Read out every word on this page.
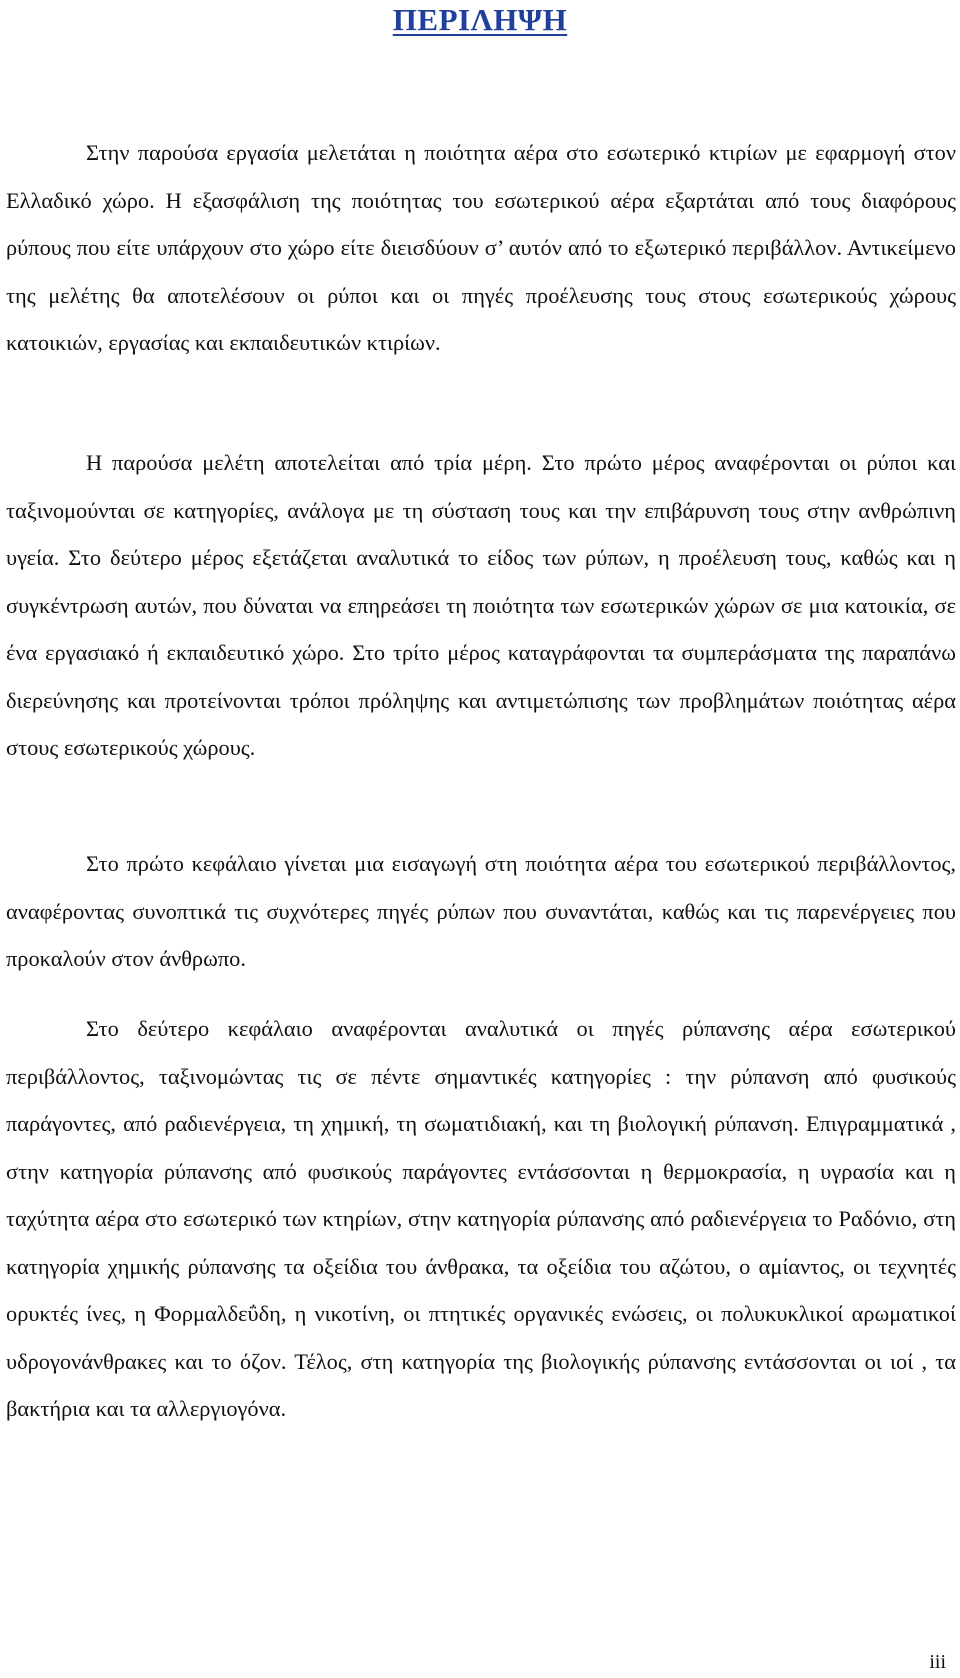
ΠΕΡΙΛΗΨΗ

Στην παρούσα εργασία μελετάται η ποιότητα αέρα στο εσωτερικό κτιρίων με εφαρμογή στον Ελλαδικό χώρο. Η εξασφάλιση της ποιότητας του εσωτερικού αέρα εξαρτάται από τους διαφόρους ρύπους που είτε υπάρχουν στο χώρο είτε διεισδύουν σ’ αυτόν από το εξωτερικό περιβάλλον. Αντικείμενο της μελέτης θα αποτελέσουν οι ρύποι και οι πηγές προέλευσης τους στους εσωτερικούς χώρους κατοικιών, εργασίας και εκπαιδευτικών κτιρίων.

Η παρούσα μελέτη αποτελείται από τρία μέρη. Στο πρώτο μέρος αναφέρονται οι ρύποι και ταξινομούνται σε κατηγορίες, ανάλογα με τη σύσταση τους και την επιβάρυνση τους στην ανθρώπινη υγεία. Στο δεύτερο μέρος εξετάζεται αναλυτικά το είδος των ρύπων, η προέλευση τους, καθώς και η συγκέντρωση αυτών, που δύναται να επηρεάσει τη ποιότητα των εσωτερικών χώρων σε μια κατοικία, σε ένα εργασιακό ή εκπαιδευτικό χώρο. Στο τρίτο μέρος καταγράφονται τα συμπεράσματα της παραπάνω διερεύνησης και προτείνονται τρόποι πρόληψης και αντιμετώπισης των προβλημάτων ποιότητας αέρα στους εσωτερικούς χώρους.

Στο πρώτο κεφάλαιο γίνεται μια εισαγωγή στη ποιότητα αέρα του εσωτερικού περιβάλλοντος, αναφέροντας συνοπτικά τις συχνότερες πηγές ρύπων που συναντάται, καθώς και τις παρενέργειες που προκαλούν στον άνθρωπο.

Στο δεύτερο κεφάλαιο αναφέρονται αναλυτικά οι πηγές ρύπανσης αέρα εσωτερικού περιβάλλοντος, ταξινομώντας τις σε πέντε σημαντικές κατηγορίες : την ρύπανση από φυσικούς παράγοντες, από ραδιενέργεια, τη χημική, τη σωματιδιακή, και τη βιολογική ρύπανση. Επιγραμματικά , στην κατηγορία ρύπανσης από φυσικούς παράγοντες εντάσσονται η θερμοκρασία, η υγρασία και η ταχύτητα αέρα στο εσωτερικό των κτηρίων, στην κατηγορία ρύπανσης από ραδιενέργεια το Ραδόνιο, στη κατηγορία χημικής ρύπανσης τα οξείδια του άνθρακα, τα οξείδια του αζώτου, ο αμίαντος, οι τεχνητές ορυκτές ίνες, η Φορμαλδεΰδη, η νικοτίνη, οι πτητικές οργανικές ενώσεις, οι πολυκυκλικοί αρωματικοί υδρογονάνθρακες και το όζον. Τέλος, στη κατηγορία της βιολογικής ρύπανσης εντάσσονται οι ιοί , τα βακτήρια και τα αλλεργιογόνα.

iii
